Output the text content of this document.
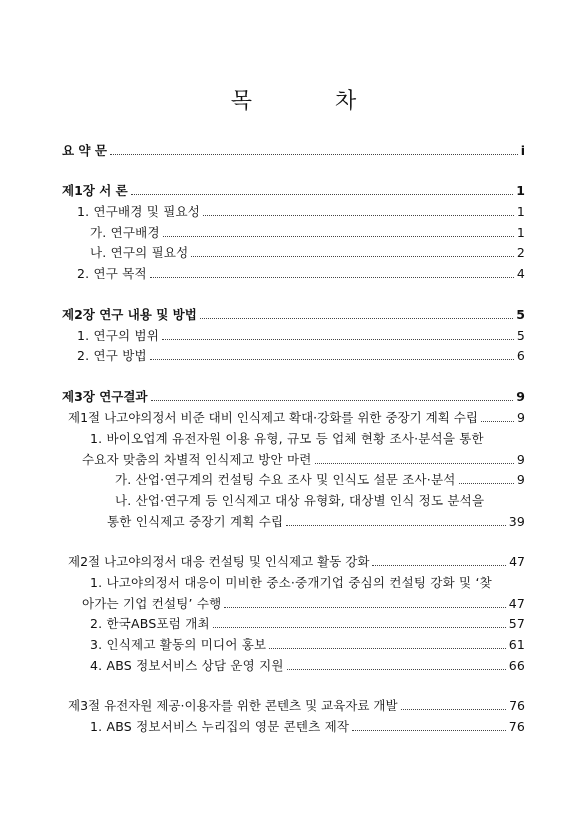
목 차
요 약 문	i
제1장 서 론	1
1. 연구배경 및 필요성	1
가. 연구배경	1
나. 연구의 필요성	2
2. 연구 목적	4
제2장 연구 내용 및 방법	5
1. 연구의 범위	5
2. 연구 방법	6
제3장 연구결과	9
제1절 나고야의정서 비준 대비 인식제고 확대·강화를 위한 중장기 계획 수립	9
1. 바이오업계 유전자원 이용 유형, 규모 등 업체 현황 조사·분석을 통한
수요자 맞춤의 차별적 인식제고 방안 마련	9
가. 산업·연구계의 컨설팅 수요 조사 및 인식도 설문 조사·분석	9
나. 산업·연구계 등 인식제고 대상 유형화, 대상별 인식 정도 분석을
통한 인식제고 중장기 계획 수립	39
제2절 나고야의정서 대응 컨설팅 및 인식제고 활동 강화	47
1. 나고야의정서 대응이 미비한 중소·중개기업 중심의 컨설팅 강화 및 ‘찾
아가는 기업 컨설팅’ 수행	47
2. 한국ABS포럼 개최	57
3. 인식제고 활동의 미디어 홍보	61
4. ABS 정보서비스 상담 운영 지원	66
제3절 유전자원 제공·이용자를 위한 콘텐츠 및 교육자료 개발	76
1. ABS 정보서비스 누리집의 영문 콘텐츠 제작	76
